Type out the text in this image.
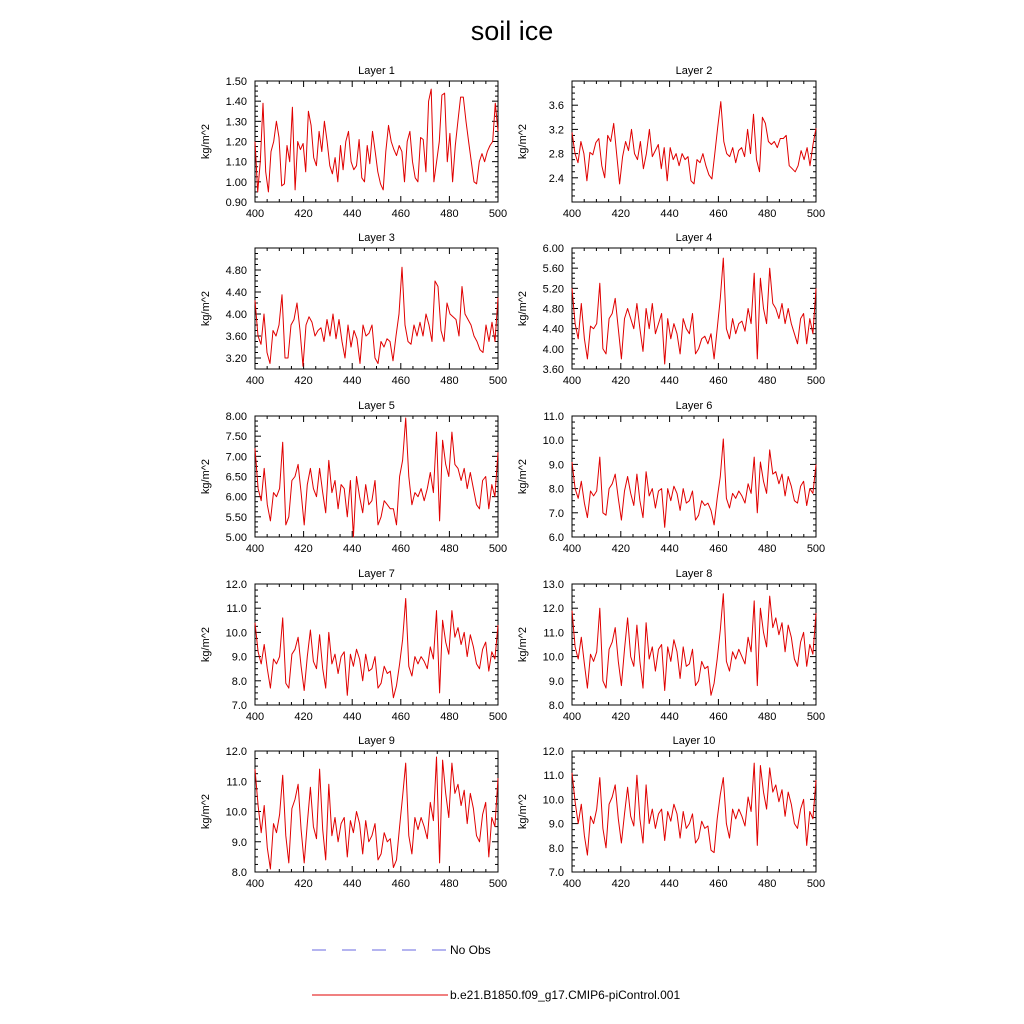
soil ice
Layer 1
400	420	440	460	480	500
0.90
1.00
1.10
1.20
1.30
1.40
1.50
kg/m^2
Layer 2
400	420	440	460	480	500
2.4
2.8
3.2
3.6
kg/m^2
Layer 3
400	420	440	460	480	500
3.20
3.60
4.00
4.40
4.80
kg/m^2
Layer 4
400	420	440	460	480	500
3.60
4.00
4.40
4.80
5.20
5.60
6.00
kg/m^2
Layer 5
400	420	440	460	480	500
5.00
5.50
6.00
6.50
7.00
7.50
8.00
kg/m^2
Layer 6
400	420	440	460	480	500
6.0
7.0
8.0
9.0
10.0
11.0
kg/m^2
Layer 7
400	420	440	460	480	500
7.0
8.0
9.0
10.0
11.0
12.0
kg/m^2
Layer 8
400	420	440	460	480	500
8.0
9.0
10.0
11.0
12.0
13.0
kg/m^2
Layer 9
400	420	440	460	480	500
8.0
9.0
10.0
11.0
12.0
kg/m^2
Layer 10
400	420	440	460	480	500
7.0
8.0
9.0
10.0
11.0
12.0
kg/m^2
No Obs
b.e21.B1850.f09_g17.CMIP6-piControl.001
